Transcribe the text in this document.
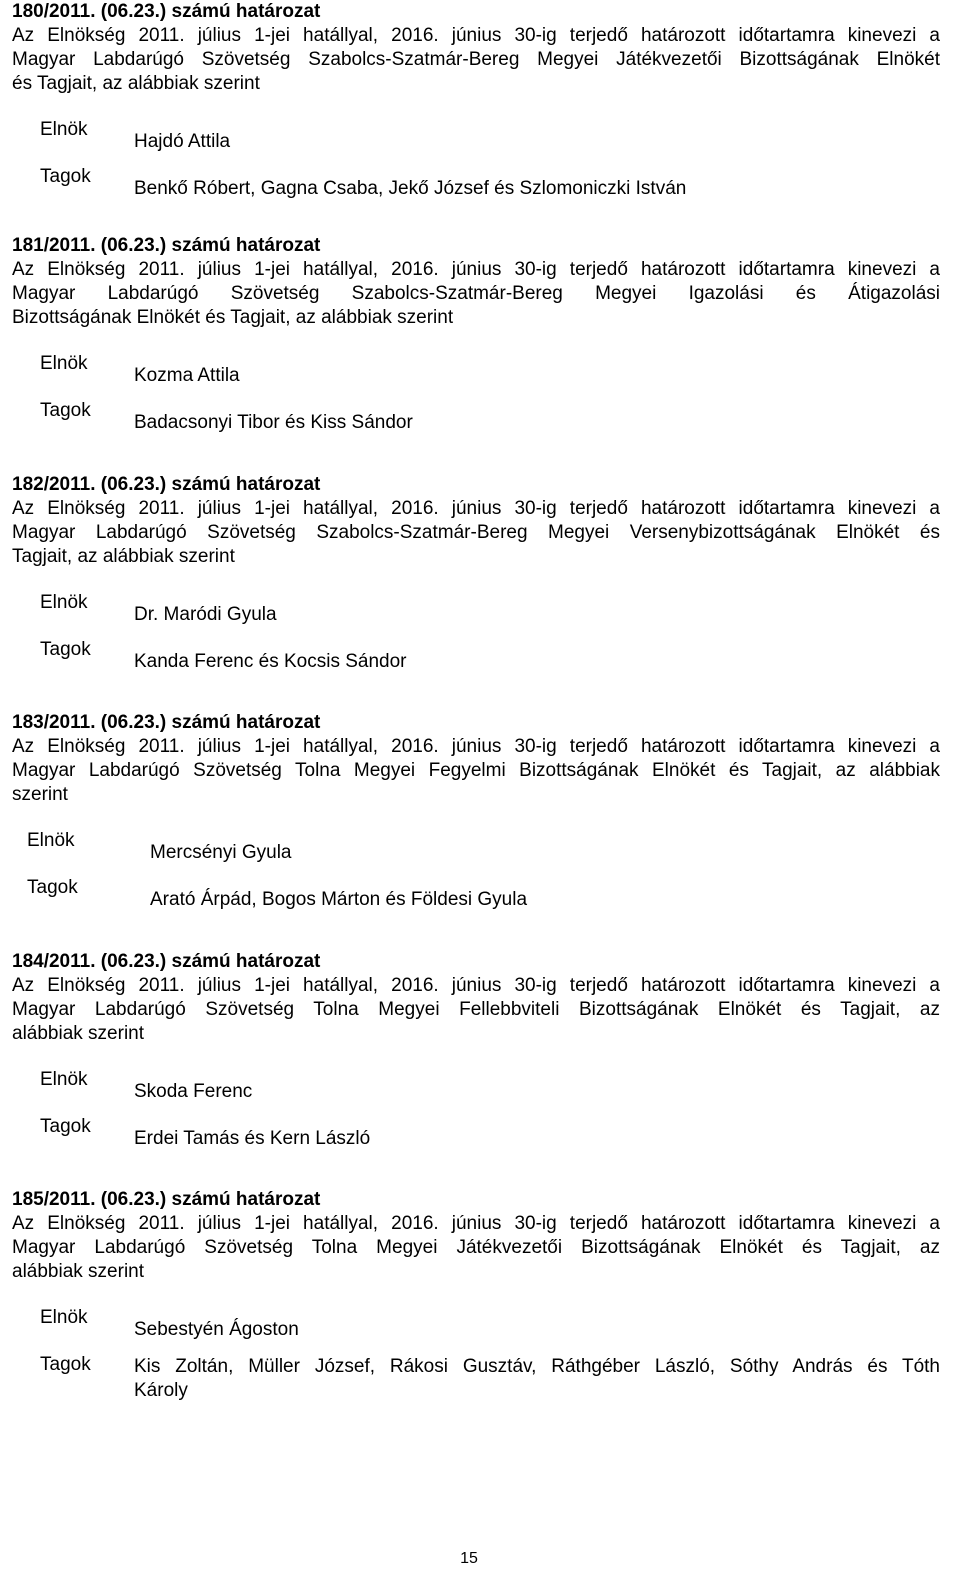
180/2011. (06.23.) számú határozat
Az Elnökség 2011. július 1-jei hatállyal, 2016. június 30-ig terjedő határozott időtartamra kinevezi a
Magyar Labdarúgó Szövetség Szabolcs-Szatmár-Bereg Megyei Játékvezetői Bizottságának Elnökét
és Tagjait, az alábbiak szerint
Elnök
Hajdó Attila
Tagok
Benkő Róbert, Gagna Csaba, Jekő József és Szlomoniczki István
181/2011. (06.23.) számú határozat
Az Elnökség 2011. július 1-jei hatállyal, 2016. június 30-ig terjedő határozott időtartamra kinevezi a
Magyar Labdarúgó Szövetség Szabolcs-Szatmár-Bereg Megyei Igazolási és Átigazolási
Bizottságának Elnökét és Tagjait, az alábbiak szerint
Elnök
Kozma Attila
Tagok
Badacsonyi Tibor és Kiss Sándor
182/2011. (06.23.) számú határozat
Az Elnökség 2011. július 1-jei hatállyal, 2016. június 30-ig terjedő határozott időtartamra kinevezi a
Magyar Labdarúgó Szövetség Szabolcs-Szatmár-Bereg Megyei Versenybizottságának Elnökét és
Tagjait, az alábbiak szerint
Elnök
Dr. Maródi Gyula
Tagok
Kanda Ferenc és Kocsis Sándor
183/2011. (06.23.) számú határozat
Az Elnökség 2011. július 1-jei hatállyal, 2016. június 30-ig terjedő határozott időtartamra kinevezi a
Magyar Labdarúgó Szövetség Tolna Megyei Fegyelmi Bizottságának Elnökét és Tagjait, az alábbiak
szerint
Elnök
Mercsényi Gyula
Tagok
Arató Árpád, Bogos Márton és Földesi Gyula
184/2011. (06.23.) számú határozat
Az Elnökség 2011. július 1-jei hatállyal, 2016. június 30-ig terjedő határozott időtartamra kinevezi a
Magyar Labdarúgó Szövetség Tolna Megyei Fellebbviteli Bizottságának Elnökét és Tagjait, az
alábbiak szerint
Elnök
Skoda Ferenc
Tagok
Erdei Tamás és Kern László
185/2011. (06.23.) számú határozat
Az Elnökség 2011. július 1-jei hatállyal, 2016. június 30-ig terjedő határozott időtartamra kinevezi a
Magyar Labdarúgó Szövetség Tolna Megyei Játékvezetői Bizottságának Elnökét és Tagjait, az
alábbiak szerint
Elnök
Sebestyén Ágoston
Tagok Kis Zoltán, Müller József, Rákosi Gusztáv, Ráthgéber László, Sóthy András és Tóth
Károly
15
